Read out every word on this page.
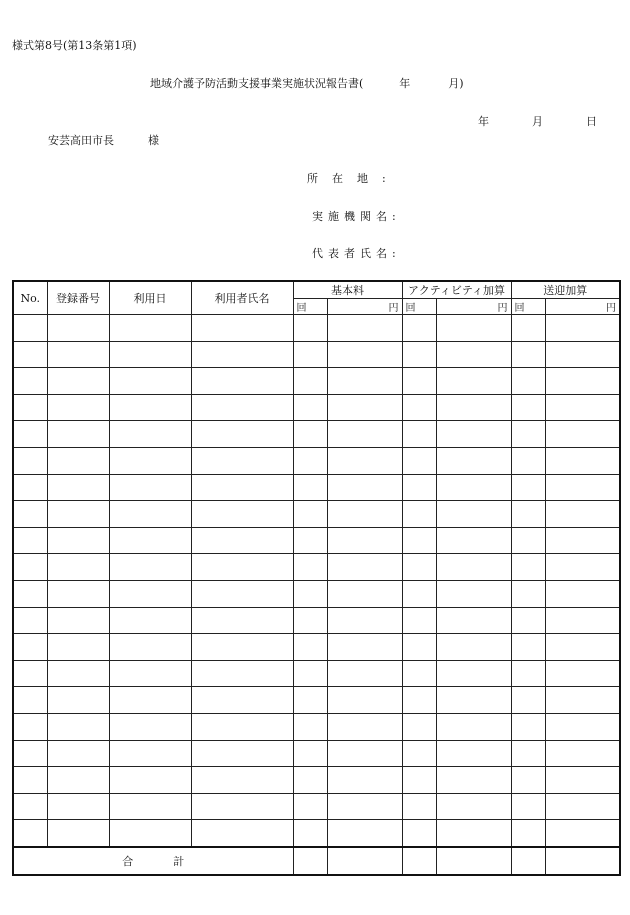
様式第8号(第13条第1項)
地域介護予防活動支援事業実施状況報告書(	年	月)
年	月	日
安芸高田市長	様
所在地:
実施機関名:
代表者氏名:
No.	登録番号	利用日	利用者氏名	基本料		アクティビティ加算		送迎加算	
				回	円	回	円	回	円

合計									
